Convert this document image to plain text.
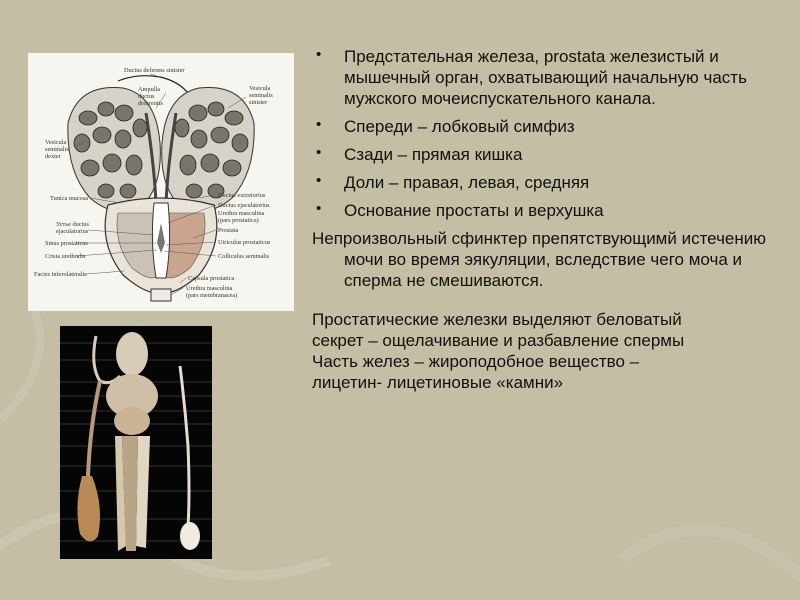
Ductus deferens sinister
Ampulla
ductus
deferentis
Vesicula
seminalis
sinister
Vesicula
seminalis
dexter
Tunica mucosa	Ductus excretorius
Ductus ejaculatorius
Urethra masculina
(pars prostatica)
Устье ductus
ejaculatorius	Prostata
Sinus prostaticus	Utriculus prostaticus
Crista urethralis	Colliculus seminalis
Facies inferolateralis
Capsula prostatica
Urethra masculina
(pars membranacea)
• Предстательная железа, prostata железистый и мышечный орган, охватывающий начальную часть мужского мочеиспускательного канала.
• Спереди – лобковый симфиз
• Сзади – прямая кишка
• Доли – правая, левая, средняя
• Основание простаты и верхушка

Непроизвольный сфинктер препятствующимй истечению мочи во время эякуляции, вследствие чего моча и сперма не смешиваются.

Простатические железки выделяют беловатый

секрет – ощелачивание и разбавление спермы

Часть желез – жироподобное вещество –

лицетин- лицетиновые «камни»
